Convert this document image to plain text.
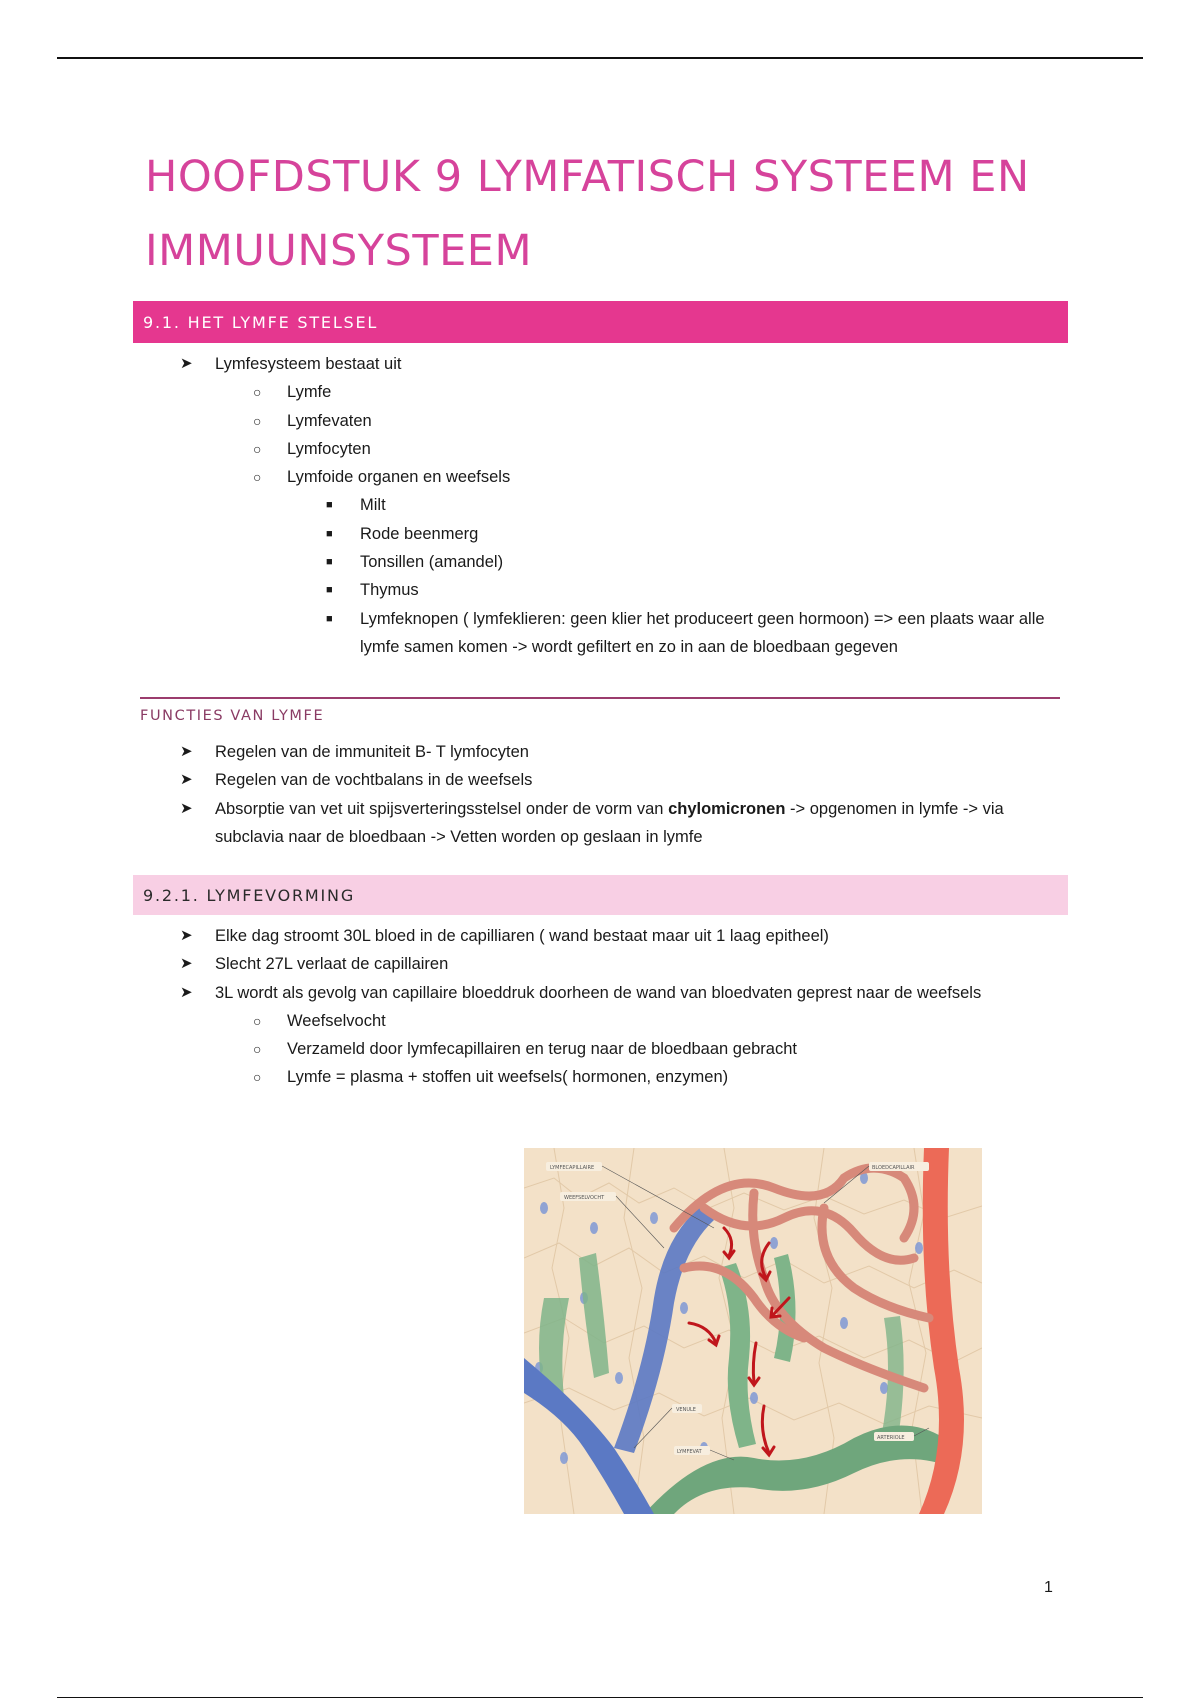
HOOFDSTUK 9 LYMFATISCH SYSTEEM EN IMMUUNSYSTEEM
9.1. HET LYMFE STELSEL
➤ Lymfesysteem bestaat uit
○ Lymfe
○ Lymfevaten
○ Lymfocyten
○ Lymfoide organen en weefsels
■ Milt
■ Rode beenmerg
■ Tonsillen (amandel)
■ Thymus
■ Lymfeknopen ( lymfeklieren: geen klier het produceert geen hormoon) => een plaats waar alle lymfe samen komen -> wordt gefiltert en zo in aan de bloedbaan gegeven
FUNCTIES VAN LYMFE
➤ Regelen van de immuniteit B- T lymfocyten
➤ Regelen van de vochtbalans in de weefsels
➤ Absorptie van vet uit spijsverteringsstelsel onder de vorm van chylomicronen -> opgenomen in lymfe -> via subclavia naar de bloedbaan -> Vetten worden op geslaan in lymfe
9.2.1. LYMFEVORMING
➤ Elke dag stroomt 30L bloed in de capilliaren ( wand bestaat maar uit 1 laag epitheel)
➤ Slecht 27L verlaat de capillairen
➤ 3L wordt als gevolg van capillaire bloeddruk doorheen de wand van bloedvaten geprest naar de weefsels
○ Weefselvocht
○ Verzameld door lymfecapillairen en terug naar de bloedbaan gebracht
○ Lymfe = plasma + stoffen uit weefsels( hormonen, enzymen)
LYMFECAPILLAIRE
WEEFSELVOCHT
BLOEDCAPILLAIR
VENULE
LYMFEVAT
ARTERIOLE
1
